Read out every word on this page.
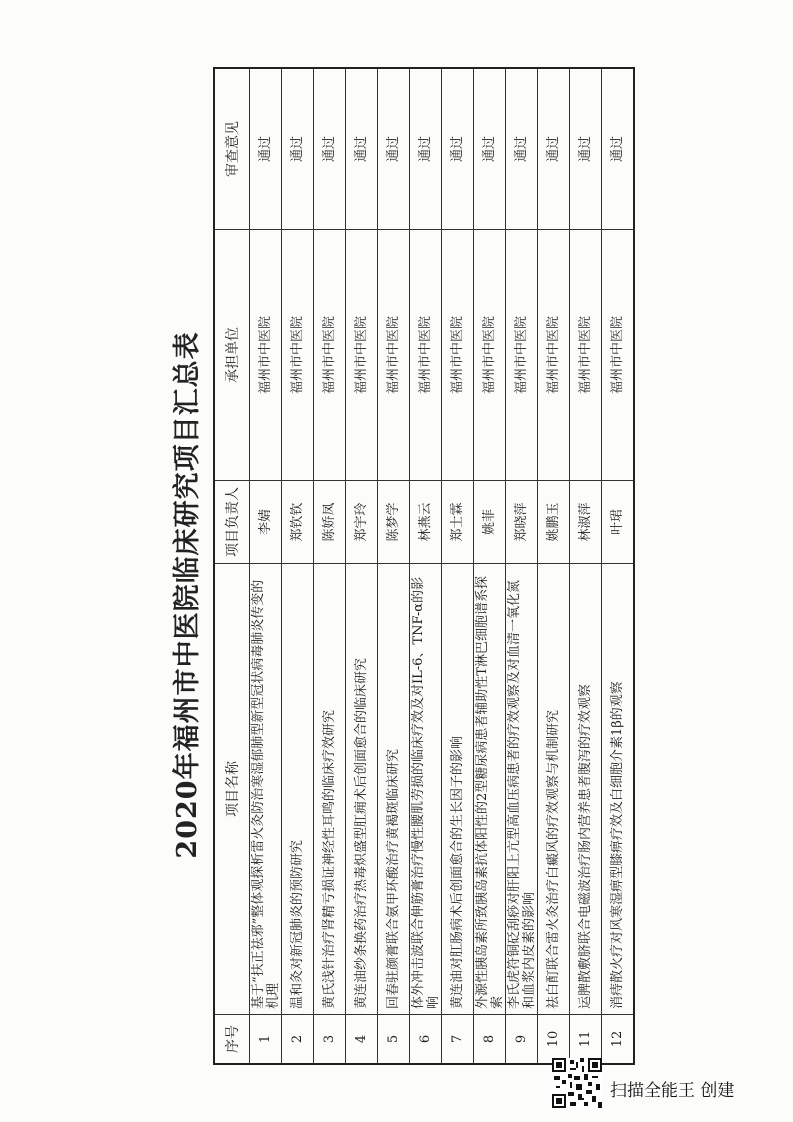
2020年福州市中医院临床研究项目汇总表
序号	项目名称	项目负责人	承担单位	审查意见
1	基于“扶正祛邪”整体观探析雷火灸防治寒湿郁肺型新型冠状病毒肺炎传变的机理	李婧	福州市中医院	通过
2	温和灸对新冠肺炎的预防研究	郑钦钦	福州市中医院	通过
3	黄氏浅针治疗肾精亏损证神经性耳鸣的临床疗效研究	陈娇凤	福州市中医院	通过
4	黄连油纱条换药治疗热毒炽盛型肛痈术后创面愈合的临床研究	郑宇玲	福州市中医院	通过
5	回春驻颜膏联合氨甲环酸治疗黄褐斑临床研究	陈梦学	福州市中医院	通过
6	体外冲击波联合伸筋膏治疗慢性腰肌劳损的临床疗效及对IL-6、TNF-α的影响	林燕云	福州市中医院	通过
7	黄连油对肛肠病术后创面愈合的生长因子的影响	郑士霖	福州市中医院	通过
8	外源性胰岛素所致胰岛素抗体阳性的2型糖尿病患者辅助性T淋巴细胞谱系探索	姚菲	福州市中医院	通过
9	李氏虎符铜砭刮痧对肝阳上亢型高血压病患者的疗效观察及对血清一氧化氮和血浆内皮素的影响	郑晓萍	福州市中医院	通过
10	祛白酊联合雷火灸治疗白癜风的疗效观察与机制研究	姚鹏玉	福州市中医院	通过
11	运脾散敷脐联合电磁波治疗肠内营养患者腹泻的疗效观察	林淑萍	福州市中医院	通过
12	消痔散火疗对风寒湿痹型膝痹疗效及白细胞介素1β的观察	叶珺	福州市中医院	通过
扫描全能王 创建
